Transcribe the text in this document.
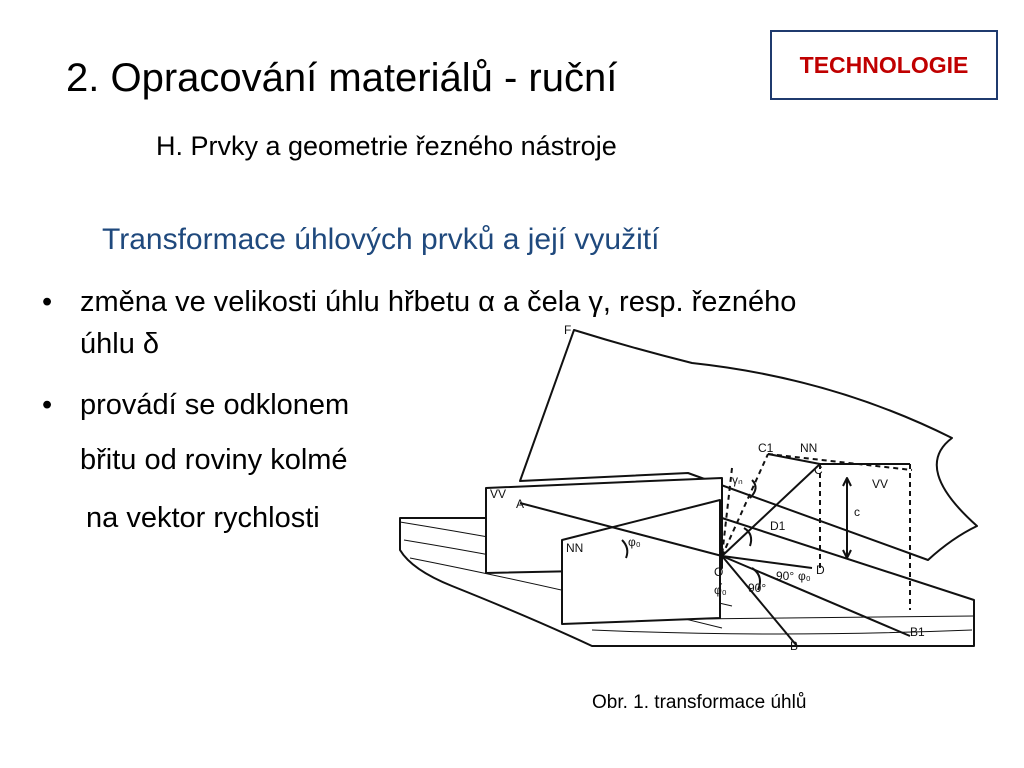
2. Opracování materiálů - ruční	TECHNOLOGIE
H. Prvky a geometrie řezného nástroje
Transformace úhlových prvků a její využití
• změna ve velikosti úhlu hřbetu α a čela γ, resp. řezného
úhlu δ
• provádí se odklonem
břitu od roviny kolmé
na vektor rychlosti
F
VV
A
NN	φ₀
C1 NN
C
VV
c
γₙ
D1
O	90° φ₀ D
90°
φ₀
B
B1
Obr. 1. transformace úhlů
